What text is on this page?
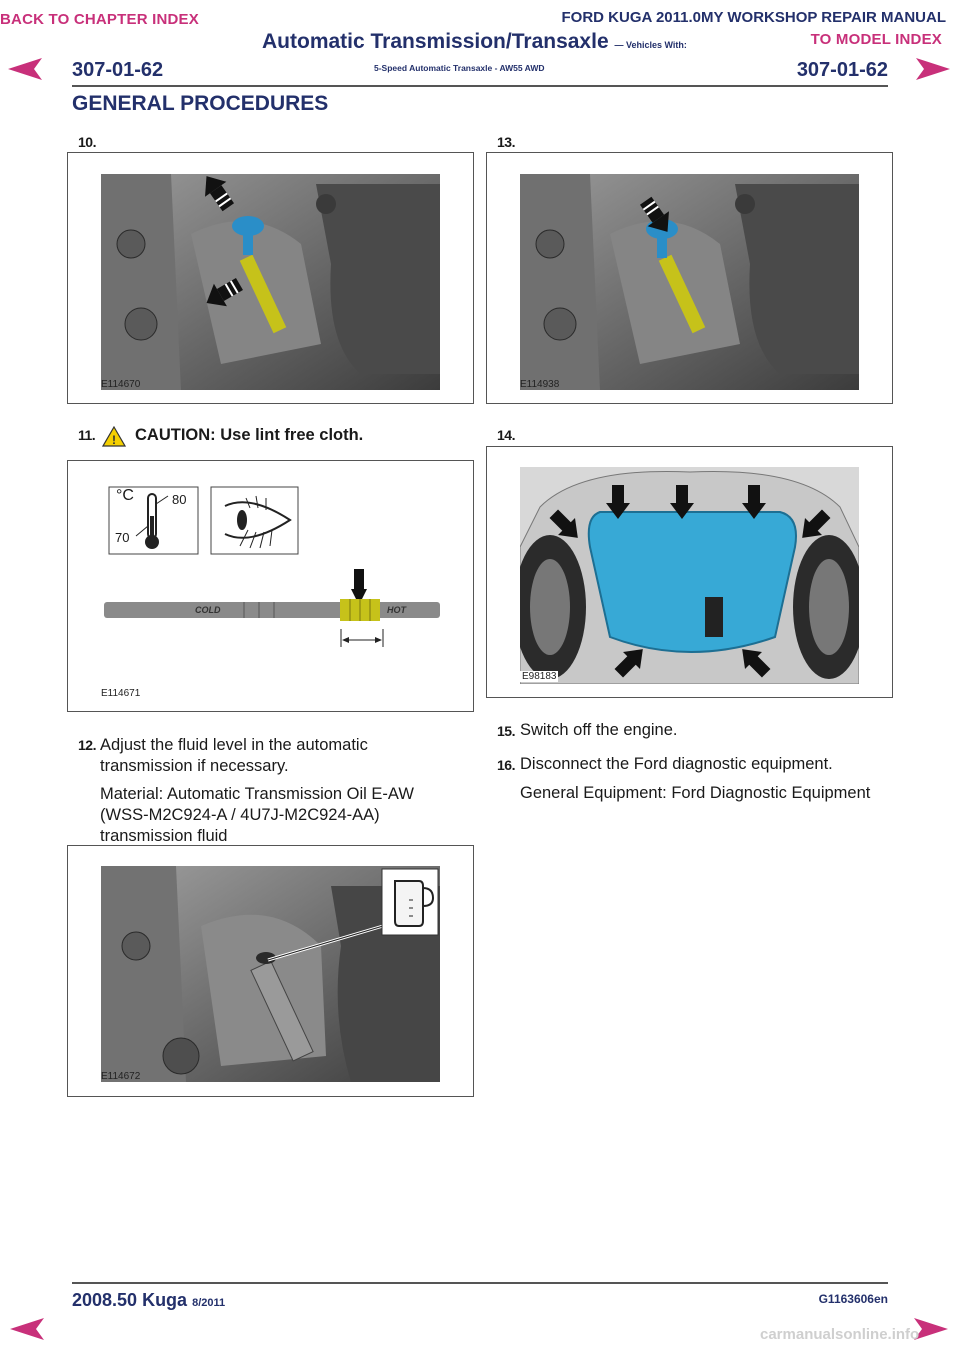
BACK TO CHAPTER INDEX	FORD KUGA 2011.0MY WORKSHOP REPAIR MANUAL
TO MODEL INDEX
Automatic Transmission/Transaxle — Vehicles With:
5-Speed Automatic Transaxle - AW55 AWD
307-01-62	307-01-62
GENERAL PROCEDURES
10.
E114670
11. ! CAUTION: Use lint free cloth.
°C	80
70
COLD	HOT
E114671
12. Adjust the fluid level in the automatic transmission if necessary.
Material: Automatic Transmission Oil E-AW (WSS-M2C924-A / 4U7J-M2C924-AA) transmission fluid
E114672
13.
E114938
14.
E98183
15. Switch off the engine.
16. Disconnect the Ford diagnostic equipment.
General Equipment: Ford Diagnostic Equipment
2008.50 Kuga 8/2011	G1163606en
carmanualsonline.info
